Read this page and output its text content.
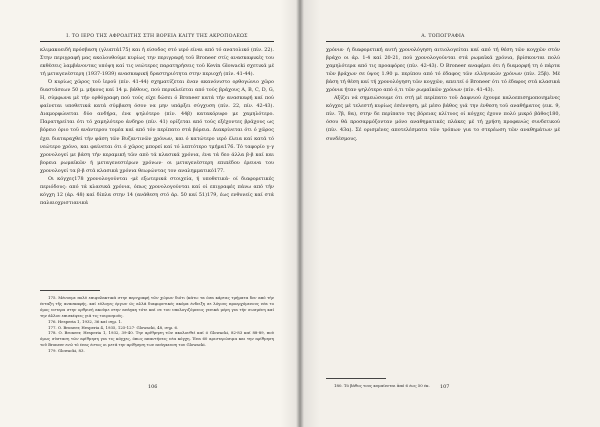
I. ΤΟ ΙΕΡΟ ΤΗΣ ΑΦΡΟΔΙΤΗΣ ΣΤΗ ΒΟΡΕΙΑ ΚΛΙΤΥ ΤΗΣ ΑΚΡΟΠΟΛΕΩΣ

κλιμακοειδή πρόσβαση (γλυπτά175) και ή είσοδος στό ιερό είναι από τό ανατολικό (πίν. 22). Στην περιγραφή μας ακολουθούμε κυρίως την περιγραφή τοῦ Broneer στίς ανασκαφικές του εκθέσεις λαμβάνοντας υπόψη καί τις νεώτερες παρατηρήσεις τοῦ Kevin Glowacki σχετικά μέ τή μεταγενέστερη (1937-1939) ανασκαφική δραστηριότητα στην περιοχή (πίν. 41-44).

Ό κυρίως χῶρος τοῦ ἱεροῦ (πίν. 41-44) σχηματίζεται έναν ακανόνιστο ορθογώνιο χῶρο διαστάσεων 50 μ. μήκους καί 14 μ. βάθους, ποὺ περικλείεται από τούς βράχους A, B, C, D, G, H, σύμφωνα μέ τήν ορθόγραφη πού τούς είχε δώσει ό Broneer κατά τήν ανασκαφή καί πού φαίνεται υποθετικά κατά σύμβαση όσον να μην υπάρξει σύγχυση (πίν. 22, πίν. 42-43). Διαμορφώνεται δύο ανδήρα, ένα ψηλότερο (πίν. 44β) κατακόρυφο με χαμηλότερο. Παρατηρείται ότι τό χαμηλότερο άνδηρο (πίν. 41) ορίζεται από τούς εξέχοντες βράχους ως βόρειο όριο τοῦ ανάντερου τομέα καί από τόν περίπατο στά βόρεια. Διακρίνεται ότι ό χῶρος έχει διαταραχθεί τήν φάση τῶν Βυζαντινῶν χρόνων, και ό κατώτερο ιερό έλεια καί κατά τό νεώτερο χρόνο, και φαίνεται ότι ό χῶρος μπορεί καί τό λεπτότερο τμήμα176. Τό ταφορίο γ-γ χρονολογεί με βάση τήν κεραμική τῶν απὸ τά κλασικά χρόνια, ένα τά δεο άλλα β-β καί και βορεια ρωμαϊκῶν ή μεταγενεστέρων χρόνων· οι μεταγενέστερη επιπέδου έρευνα του χρονολογεί τα β-β στά κλασικά χρόνια θεωρώντας τον αναλημματικό177.

Οι κόγχες178 χρονολογούνται -μέ εξωτερικά στοιχεία, ή υποθετικά- οί διαφορετικές περιόδους: από τά κλασικά χρόνια, όπως χρονολογούνται καί οί επιγραφές πάνω από τήν κόγχη 12 (άρ. 48) καί δίπλα στην 14 (ανάθεση στό άρ. 50 καί 51)179, έως ενθυνείς καί στά παλαιοχριστιανικά

175. Μένουμε πολύ επιφυλακτικά στην περιγραφή τῶν χώρων διότι (κάτω τα όσα κάρτας τμήματα δεν από τήν ένταξη τῆς ανασκαφής, καί εύλογες έργων ώς αλλά διαφορετικές ακόμα ένδειξη σε λόγους προερχόμενους νέα το όμος υστερα στην ορθρινή ακούμε στην ανάγκη τότε καί σε του υπολογιζόμενος γενικά μέρη για τήν σωσμένη καί την άλλου επισκέψεις γιά τις τουρισμούς.

176. Hesperia 1, 1932, 36 καί σημ. 1.

177. O. Broneer, Hesperia 4, 1935, 125-127· Glowacki, 48, σημ. 6.

178. O. Broneer, Hesperia 1, 1932, 39-40. Την αρίθμηση τῶν ακολουθεί καί ό Glowacki, 82-83 καί 88-89, πού όμως σύσταση τών αρίθμηση για τις κόγχες, όπως απαντήσεις νέα κόγχη. Ένα 60 αριστερώσιμα και την αρίθμηση τοῦ Broneer ενώ τό ένας έστος οι μετά την αρίθμηση των ανάγκευση του Glowacki.

179. Glowacki, 83.

106
Α. ΤΟΠΟΓΡΑΦΙΑ

χρόνια· ή διαφορετική αυτή χρονολόγηση αιτιολογείται καί από τή θέση τῶν κογχῶν στόν βράχο οι άρ. 1-4 καί 20-21, πού χρονολογούνται στά ρωμαϊκά χρόνια, βρίσκονται πολύ χαμηλότερα από τις προαφόρες (πίν. 42-43). Ό Broneer αναφέρει ότι ή διαμορφή τη ό πάρτα τῶν βράχων σε ύψος 1.90 μ. περίπου από τό έδαφος τῶν ελληνικών χρόνων (πίν. 25β). Μέ βάση τή θέση καί τή χρονολόγηση τῶν κογχῶν, απειτεί ό Broneer ότι τό έδαφος στά κλασικά χρόνια ήταν ψηλότερο από ό,τι τῶν ρωμαϊκῶν χρόνων (πίν. 41-43).

Αξίζει νά σημειώσουμε ότι στή μέ περίπατο τοῦ Δαφνιού έχουμε καλοεπισημοποιημένες κόγχες μέ τελεστή κυρίως έσέννηση, μέ μέσο βάθος γιά την ένθεση τοῦ αναθήματος (εικ. 9, πίν. 7β, 8α), στην δε περίπατο της βόρειας κλίτυος οί κόγχες έχουν πολύ μικρό βάθος180, όσου θά προσαρμόζονταν μόνο αναθηματικές πλάκες μέ τή χρήση προφανώς συνδετικού (πίν. 43α). Σέ ορισμένες αποτελέσματα τῶν τρόπων για το στερέωση τῶν αναθημάτων μέ συνδέσμους.

180. Τό βάθος τους κυμαίνεται ἀπό 6 έως 50 έκ.	107
